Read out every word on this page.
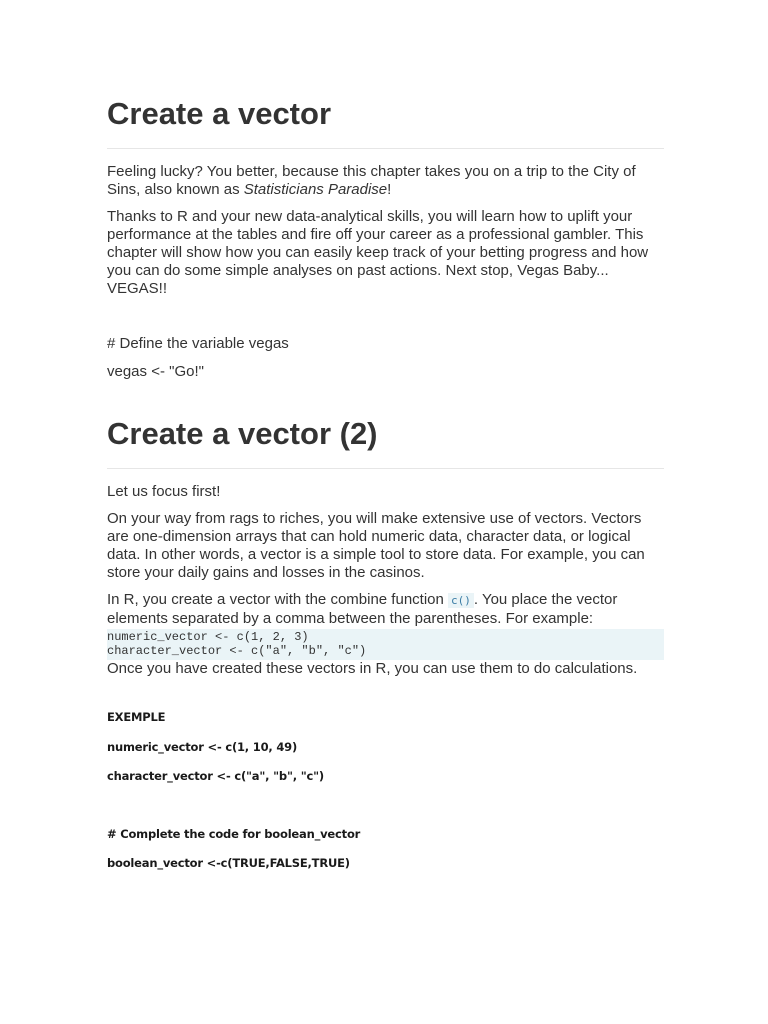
Create a vector

Feeling lucky? You better, because this chapter takes you on a trip to the City of Sins, also known as Statisticians Paradise!

Thanks to R and your new data-analytical skills, you will learn how to uplift your performance at the tables and fire off your career as a professional gambler. This chapter will show how you can easily keep track of your betting progress and how you can do some simple analyses on past actions. Next stop, Vegas Baby... VEGAS!!

# Define the variable vegas

vegas <- "Go!"

Create a vector (2)

Let us focus first!

On your way from rags to riches, you will make extensive use of vectors. Vectors are one-dimension arrays that can hold numeric data, character data, or logical data. In other words, a vector is a simple tool to store data. For example, you can store your daily gains and losses in the casinos.

In R, you create a vector with the combine function c() . You place the vector elements separated by a comma between the parentheses. For example:

numeric_vector <- c(1, 2, 3)
character_vector <- c("a", "b", "c")

Once you have created these vectors in R, you can use them to do calculations.

EXEMPLE
numeric_vector <- c(1, 10, 49)
character_vector <- c("a", "b", "c")
# Complete the code for boolean_vector
boolean_vector <-c(TRUE,FALSE,TRUE)
